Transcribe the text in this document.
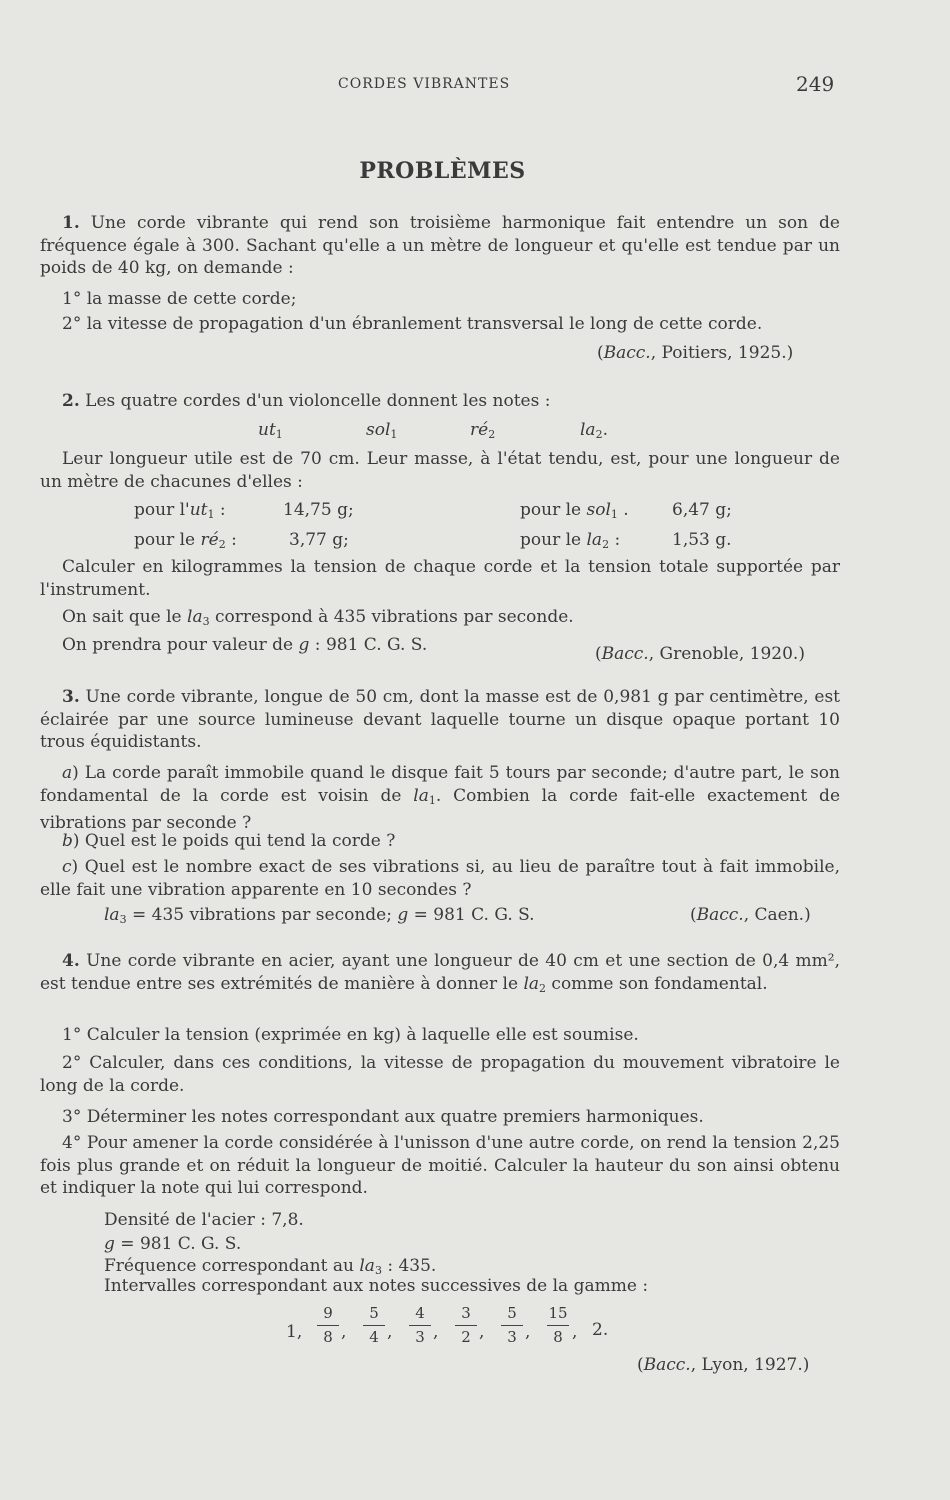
CORDES VIBRANTES	249
PROBLÈMES
1. Une corde vibrante qui rend son troisième harmonique fait entendre un son de fréquence égale à 300. Sachant qu'elle a un mètre de longueur et qu'elle est tendue par un poids de 40 kg, on demande :
1° la masse de cette corde;
2° la vitesse de propagation d'un ébranlement transversal le long de cette corde.
(Bacc., Poitiers, 1925.)
2. Les quatre cordes d'un violoncelle donnent les notes :
$ut_1$	sol$_1$	$ré_2$	$la_2$.
Leur longueur utile est de 70 cm. Leur masse, à l'état tendu, est, pour une longueur de un mètre de chacunes d'elles :
pour $l'ut_1$ :	14,75 g;	pour le sol$_1$ .	6,47 g;
pour le $ré_2$ :	3,77 g;	pour le $la_2$ :	1,53 g.
Calculer en kilogrammes la tension de chaque corde et la tension totale supportée par l'instrument.
On sait que le $la_3$ correspond à 435 vibrations par seconde.
On prendra pour valeur de g : 981 C. G. S.	(Bacc., Grenoble, 1920.)
3. Une corde vibrante, longue de 50 cm, dont la masse est de 0,981 g par centimètre, est éclairée par une source lumineuse devant laquelle tourne un disque opaque portant 10 trous équidistants.
a) La corde paraît immobile quand le disque fait 5 tours par seconde; d'autre part, le son fondamental de la corde est voisin de $la_1$. Combien la corde fait-elle exactement de vibrations par seconde ?
b) Quel est le poids qui tend la corde ?
c) Quel est le nombre exact de ses vibrations si, au lieu de paraître tout à fait immobile, elle fait une vibration apparente en 10 secondes ?
$la_3 = 435$ vibrations par seconde; g = 981 C. G. S.	(Bacc., Caen.)
4. Une corde vibrante en acier, ayant une longueur de 40 cm et une section de 0,4 mm², est tendue entre ses extrémités de manière à donner le $la_2$ comme son fondamental.
1° Calculer la tension (exprimée en kg) à laquelle elle est soumise.
2° Calculer, dans ces conditions, la vitesse de propagation du mouvement vibratoire le long de la corde.
3° Déterminer les notes correspondant aux quatre premiers harmoniques.
4° Pour amener la corde considérée à l'unisson d'une autre corde, on rend la tension 2,25 fois plus grande et on réduit la longueur de moitié. Calculer la hauteur du son ainsi obtenu et indiquer la note qui lui correspond.
Densité de l'acier : 7,8.
g = 981 C. G. S.
Fréquence correspondant au $la_3$ : 435.
Intervalles correspondant aux notes successives de la gamme :
1,
9
8 ,
5
4 ,
4
3 ,
3
2 ,
5
3 ,
15
8 , 2.
(Bacc., Lyon, 1927.)
